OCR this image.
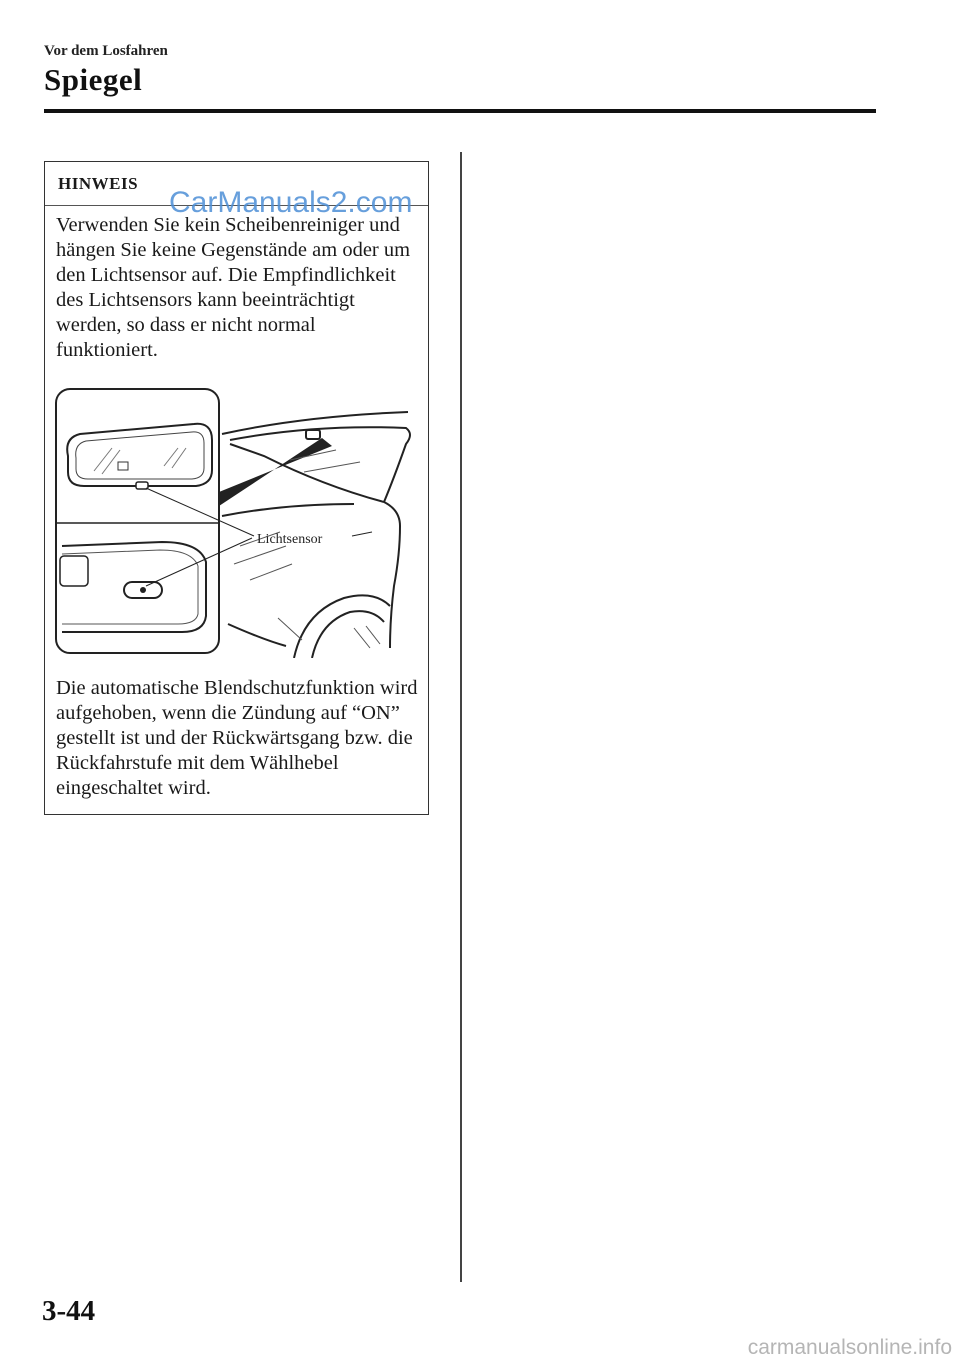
Vor dem Losfahren
Spiegel
HINWEIS
CarManuals2.com

Verwenden Sie kein Scheibenreiniger und hängen Sie keine Gegenstände am oder um den Lichtsensor auf. Die Empfindlichkeit des Lichtsensors kann beeinträchtigt werden, so dass er nicht normal funktioniert.

Die automatische Blendschutzfunktion wird aufgehoben, wenn die Zündung auf “ON” gestellt ist und der Rückwärtsgang bzw. die Rückfahrstufe mit dem Wählhebel eingeschaltet wird.

Lichtsensor
3-44
carmanualsonline.info
